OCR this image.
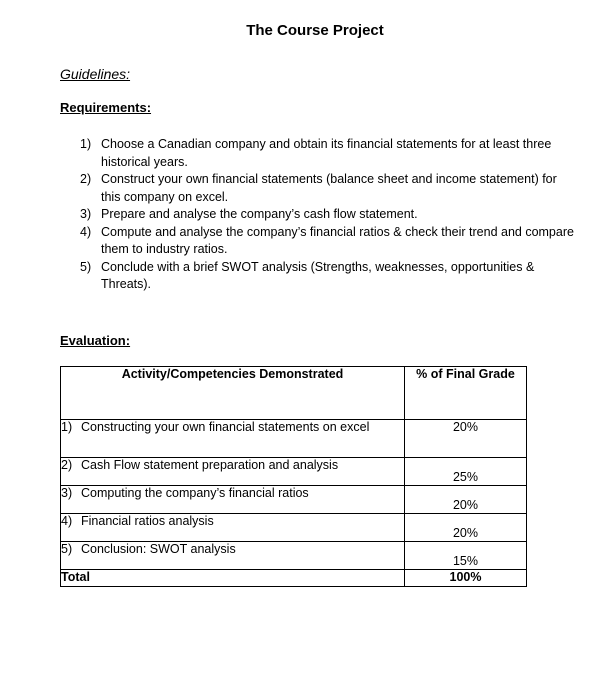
The Course Project
Guidelines:
Requirements:
1) Choose a Canadian company and obtain its financial statements for at least three historical years.
2) Construct your own financial statements (balance sheet and income statement) for this company on excel.
3) Prepare and analyse the company’s cash flow statement.
4) Compute and analyse the company’s financial ratios & check their trend and compare them to industry ratios.
5) Conclude with a brief SWOT analysis (Strengths, weaknesses, opportunities & Threats).
Evaluation:
Activity/Competencies Demonstrated	% of Final Grade
1) Constructing your own financial statements on excel	20%
2) Cash Flow statement preparation and analysis	25%
3) Computing the company’s financial ratios	20%
4) Financial ratios analysis	20%
5) Conclusion: SWOT analysis	15%
Total	100%
